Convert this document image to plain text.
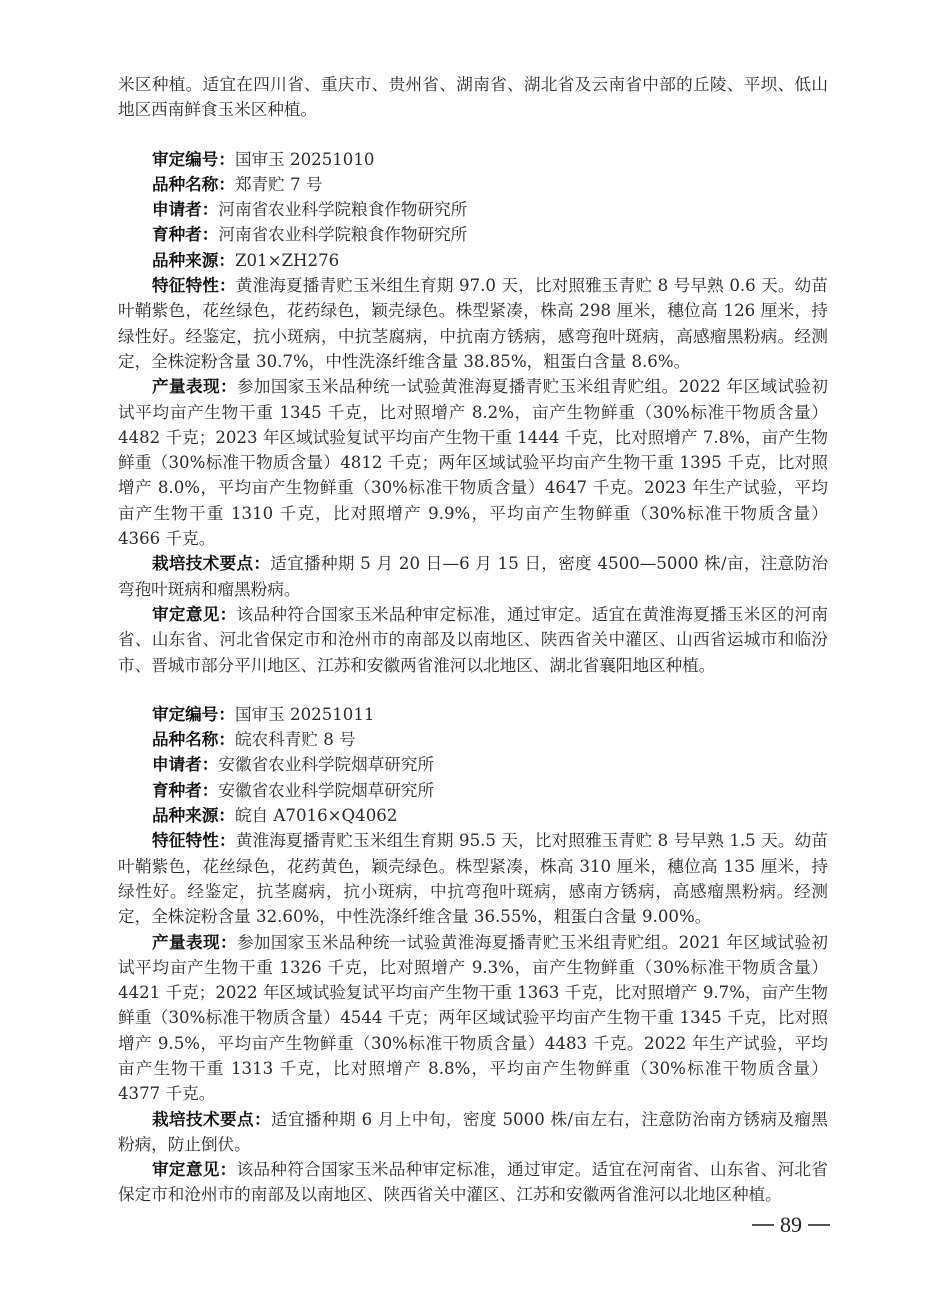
米区种植。适宜在四川省、重庆市、贵州省、湖南省、湖北省及云南省中部的丘陵、平坝、低山地区西南鲜食玉米区种植。

审定编号：国审玉 20251010

品种名称：郑青贮 7 号

申请者：河南省农业科学院粮食作物研究所

育种者：河南省农业科学院粮食作物研究所

品种来源：Z01×ZH276

特征特性：黄淮海夏播青贮玉米组生育期 97.0 天，比对照雅玉青贮 8 号早熟 0.6 天。幼苗叶鞘紫色，花丝绿色，花药绿色，颖壳绿色。株型紧凑，株高 298 厘米，穗位高 126 厘米，持绿性好。经鉴定，抗小斑病，中抗茎腐病，中抗南方锈病，感弯孢叶斑病，高感瘤黑粉病。经测定，全株淀粉含量 30.7%，中性洗涤纤维含量 38.85%，粗蛋白含量 8.6%。

产量表现：参加国家玉米品种统一试验黄淮海夏播青贮玉米组青贮组。2022 年区域试验初试平均亩产生物干重 1345 千克，比对照增产 8.2%，亩产生物鲜重（30%标准干物质含量）4482 千克；2023 年区域试验复试平均亩产生物干重 1444 千克，比对照增产 7.8%，亩产生物鲜重（30%标准干物质含量）4812 千克；两年区域试验平均亩产生物干重 1395 千克，比对照增产 8.0%，平均亩产生物鲜重（30%标准干物质含量）4647 千克。2023 年生产试验，平均亩产生物干重 1310 千克，比对照增产 9.9%，平均亩产生物鲜重（30%标准干物质含量）4366 千克。

栽培技术要点：适宜播种期 5 月 20 日—6 月 15 日，密度 4500—5000 株/亩，注意防治弯孢叶斑病和瘤黑粉病。

审定意见：该品种符合国家玉米品种审定标准，通过审定。适宜在黄淮海夏播玉米区的河南省、山东省、河北省保定市和沧州市的南部及以南地区、陕西省关中灌区、山西省运城市和临汾市、晋城市部分平川地区、江苏和安徽两省淮河以北地区、湖北省襄阳地区种植。

审定编号：国审玉 20251011

品种名称：皖农科青贮 8 号

申请者：安徽省农业科学院烟草研究所

育种者：安徽省农业科学院烟草研究所

品种来源：皖自 A7016×Q4062

特征特性：黄淮海夏播青贮玉米组生育期 95.5 天，比对照雅玉青贮 8 号早熟 1.5 天。幼苗叶鞘紫色，花丝绿色，花药黄色，颖壳绿色。株型紧凑，株高 310 厘米，穗位高 135 厘米，持绿性好。经鉴定，抗茎腐病，抗小斑病，中抗弯孢叶斑病，感南方锈病，高感瘤黑粉病。经测定，全株淀粉含量 32.60%，中性洗涤纤维含量 36.55%，粗蛋白含量 9.00%。

产量表现：参加国家玉米品种统一试验黄淮海夏播青贮玉米组青贮组。2021 年区域试验初试平均亩产生物干重 1326 千克，比对照增产 9.3%，亩产生物鲜重（30%标准干物质含量）4421 千克；2022 年区域试验复试平均亩产生物干重 1363 千克，比对照增产 9.7%，亩产生物鲜重（30%标准干物质含量）4544 千克；两年区域试验平均亩产生物干重 1345 千克，比对照增产 9.5%，平均亩产生物鲜重（30%标准干物质含量）4483 千克。2022 年生产试验，平均亩产生物干重 1313 千克，比对照增产 8.8%，平均亩产生物鲜重（30%标准干物质含量）4377 千克。

栽培技术要点：适宜播种期 6 月上中旬，密度 5000 株/亩左右，注意防治南方锈病及瘤黑粉病，防止倒伏。

审定意见：该品种符合国家玉米品种审定标准，通过审定。适宜在河南省、山东省、河北省保定市和沧州市的南部及以南地区、陕西省关中灌区、江苏和安徽两省淮河以北地区种植。

89
